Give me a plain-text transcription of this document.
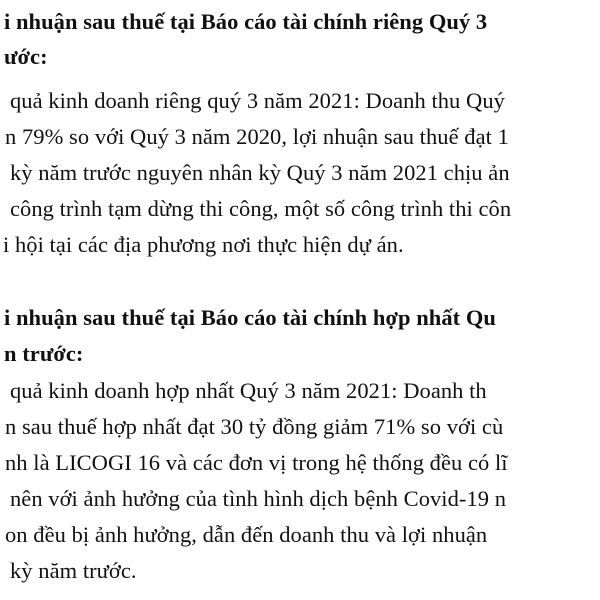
i nhuận sau thuế tại Báo cáo tài chính riêng Quý 3
ước:
quả kinh doanh riêng quý 3 năm 2021: Doanh thu Quý
n 79% so với Quý 3 năm 2020, lợi nhuận sau thuế đạt 1
kỳ năm trước nguyên nhân kỳ Quý 3 năm 2021 chịu ản
công trình tạm dừng thi công, một số công trình thi côn
i hội tại các địa phương nơi thực hiện dự án.
i nhuận sau thuế tại Báo cáo tài chính hợp nhất Qu
n trước:
quả kinh doanh hợp nhất Quý 3 năm 2021: Doanh th
n sau thuế hợp nhất đạt 30 tỷ đồng giảm 71% so với cù
nh là LICOGI 16 và các đơn vị trong hệ thống đều có lĩ
nên với ảnh hưởng của tình hình dịch bệnh Covid-19 n
on đều bị ảnh hưởng, dẫn đến doanh thu và lợi nhuận
kỳ năm trước.
